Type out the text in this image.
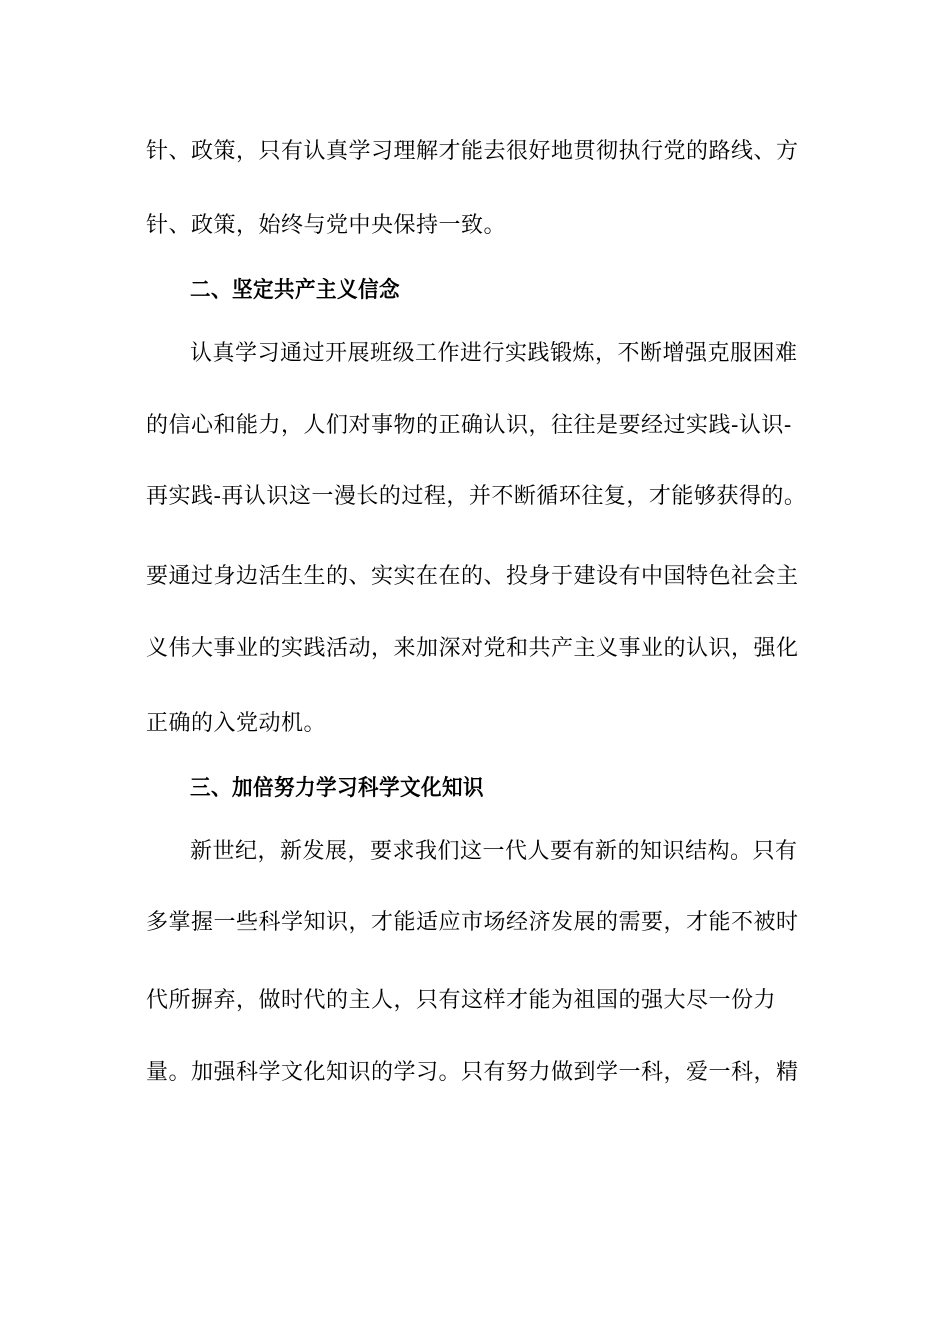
针、政策，只有认真学习理解才能去很好地贯彻执行党的路线、方
针、政策，始终与党中央保持一致。
二、坚定共产主义信念
认真学习通过开展班级工作进行实践锻炼，不断增强克服困难
的信心和能力，人们对事物的正确认识，往往是要经过实践-认识-
再实践-再认识这一漫长的过程，并不断循环往复，才能够获得的。
要通过身边活生生的、实实在在的、投身于建设有中国特色社会主
义伟大事业的实践活动，来加深对党和共产主义事业的认识，强化
正确的入党动机。
三、加倍努力学习科学文化知识
新世纪，新发展，要求我们这一代人要有新的知识结构。只有
多掌握一些科学知识，才能适应市场经济发展的需要，才能不被时
代所摒弃，做时代的主人，只有这样才能为祖国的强大尽一份力
量。加强科学文化知识的学习。只有努力做到学一科，爱一科，精
